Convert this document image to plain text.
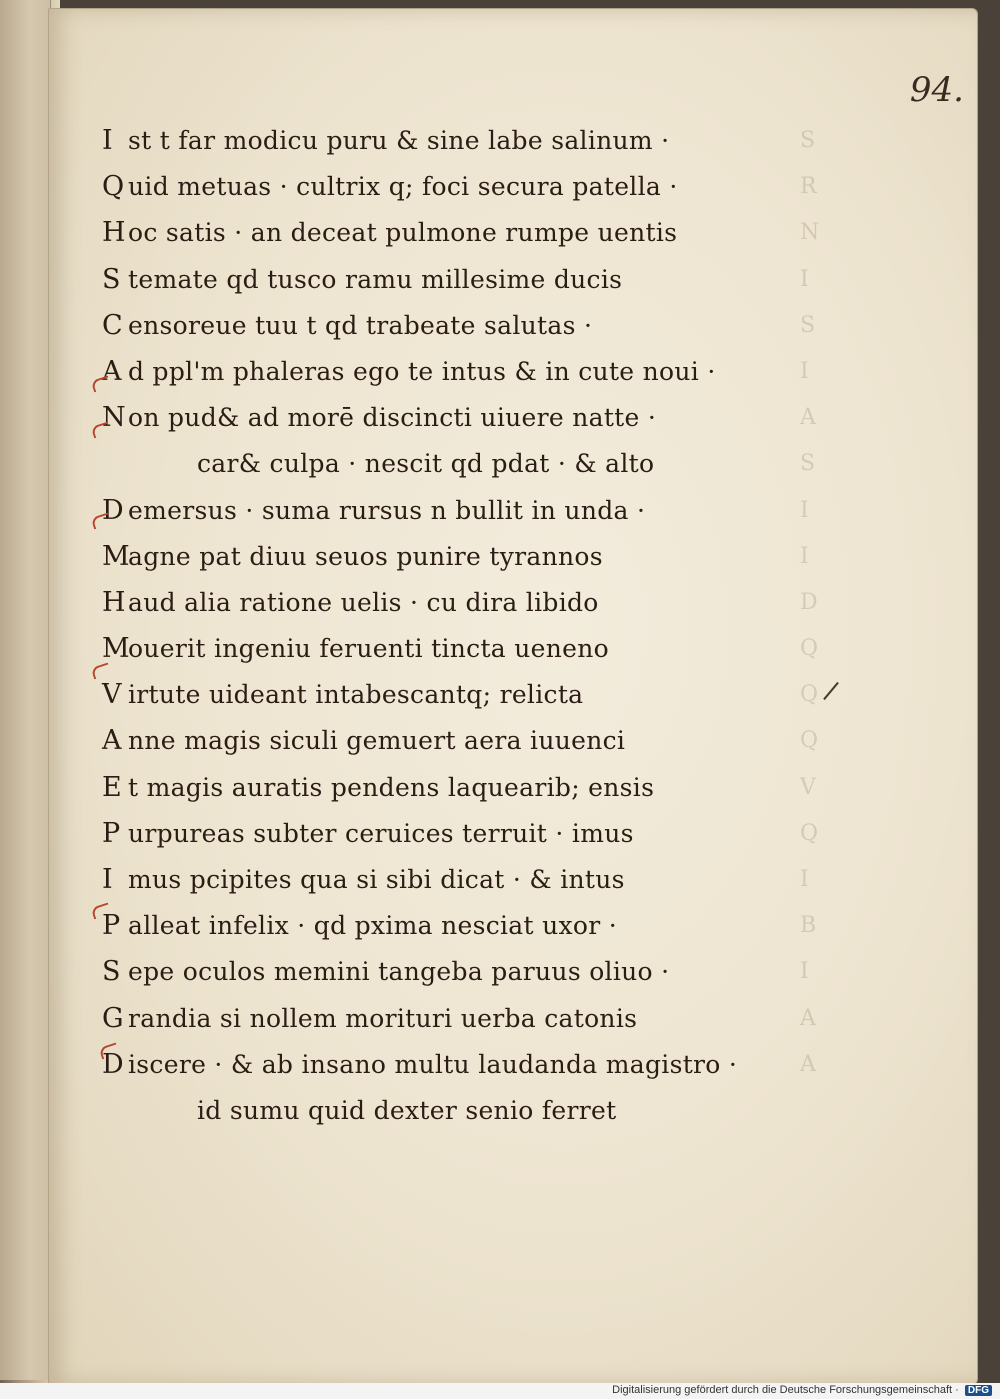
S
R
N
I
S
I
A
S
I
I
D
Q
Q
Q
V
Q
I
B
I
A
A
94.
I st t far modicu puru & sine labe salinum ·
Q uid metuas · cultrix q; foci secura patella ·
Hoc satis · an deceat pulmone rumpe uentis
S temate qd tusco ramu millesime ducis
C ensoreue tuu t qd trabeate salutas ·
A d ppl'm phaleras ego te intus & in cute noui ·
Non pud& ad morē discincti uiuere natte ·
car& culpa · nescit qd pdat · & alto
D emersus · suma rursus n bullit in unda ·
Magne pat diuu seuos punire tyrannos
Haud alia ratione uelis · cu dira libido
Mouerit ingeniu feruenti tincta ueneno
V irtute uideant intabescantq; relicta
A nne magis siculi gemuert aera iuuenci
E t magis auratis pendens laquearib; ensis
P urpureas subter ceruices terruit · imus
I mus pcipites qua si sibi dicat · & intus
P alleat infelix · qd pxima nesciat uxor ·
S epe oculos memini tangeba paruus oliuo ·
G randia si nollem morituri uerba catonis
D iscere · & ab insano multu laudanda magistro ·
id sumu quid dexter senio ferret
Digitalisierung gefördert durch die Deutsche Forschungsgemeinschaft · DFG
